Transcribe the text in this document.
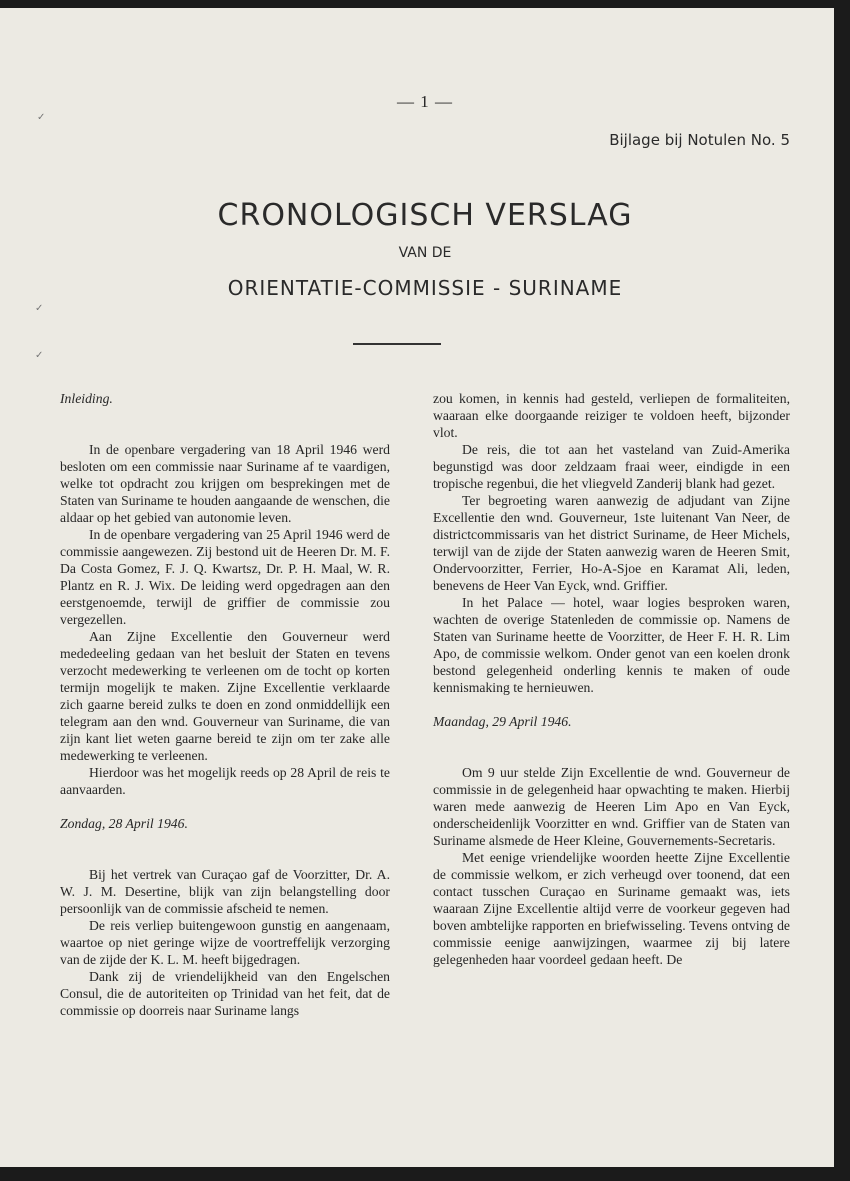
✓
✓
✓
— 1 —
Bijlage bij Notulen No. 5
CRONOLOGISCH VERSLAG
VAN DE
ORIENTATIE-COMMISSIE - SURINAME

Inleiding.

In de openbare vergadering van 18 April 1946 werd besloten om een commissie naar Suriname af te vaardigen, welke tot opdracht zou krijgen om besprekingen met de Staten van Suriname te houden aangaande de wenschen, die aldaar op het gebied van autonomie leven.

In de openbare vergadering van 25 April 1946 werd de commissie aangewezen. Zij bestond uit de Heeren Dr. M. F. Da Costa Gomez, F. J. Q. Kwartsz, Dr. P. H. Maal, W. R. Plantz en R. J. Wix. De leiding werd opgedragen aan den eerstgenoemde, terwijl de griffier de commissie zou vergezellen.

Aan Zijne Excellentie den Gouverneur werd mededeeling gedaan van het besluit der Staten en tevens verzocht medewerking te verleenen om de tocht op korten termijn mogelijk te maken. Zijne Excellentie verklaarde zich gaarne bereid zulks te doen en zond onmiddellijk een telegram aan den wnd. Gouverneur van Suriname, die van zijn kant liet weten gaarne bereid te zijn om ter zake alle medewerking te verleenen.

Hierdoor was het mogelijk reeds op 28 April de reis te aanvaarden.

Zondag, 28 April 1946.

Bij het vertrek van Curaçao gaf de Voorzitter, Dr. A. W. J. M. Desertine, blijk van zijn belangstelling door persoonlijk van de commissie afscheid te nemen.

De reis verliep buitengewoon gunstig en aangenaam, waartoe op niet geringe wijze de voortreffelijk verzorging van de zijde der K. L. M. heeft bijgedragen.

Dank zij de vriendelijkheid van den Engelschen Consul, die de autoriteiten op Trinidad van het feit, dat de commissie op doorreis naar Suriname langs

zou komen, in kennis had gesteld, verliepen de formaliteiten, waaraan elke doorgaande reiziger te voldoen heeft, bijzonder vlot.

De reis, die tot aan het vasteland van Zuid-Amerika begunstigd was door zeldzaam fraai weer, eindigde in een tropische regenbui, die het vliegveld Zanderij blank had gezet.

Ter begroeting waren aanwezig de adjudant van Zijne Excellentie den wnd. Gouverneur, 1ste luitenant Van Neer, de districtcommissaris van het district Suriname, de Heer Michels, terwijl van de zijde der Staten aanwezig waren de Heeren Smit, Ondervoorzitter, Ferrier, Ho-A-Sjoe en Karamat Ali, leden, benevens de Heer Van Eyck, wnd. Griffier.

In het Palace — hotel, waar logies besproken waren, wachten de overige Statenleden de commissie op. Namens de Staten van Suriname heette de Voorzitter, de Heer F. H. R. Lim Apo, de commissie welkom. Onder genot van een koelen dronk bestond gelegenheid onderling kennis te maken of oude kennismaking te hernieuwen.

Maandag, 29 April 1946.

Om 9 uur stelde Zijn Excellentie de wnd. Gouverneur de commissie in de gelegenheid haar opwachting te maken. Hierbij waren mede aanwezig de Heeren Lim Apo en Van Eyck, onderscheidenlijk Voorzitter en wnd. Griffier van de Staten van Suriname alsmede de Heer Kleine, Gouvernements-Secretaris.

Met eenige vriendelijke woorden heette Zijne Excellentie de commissie welkom, er zich verheugd over toonend, dat een contact tusschen Curaçao en Suriname gemaakt was, iets waaraan Zijne Excellentie altijd verre de voorkeur gegeven had boven ambtelijke rapporten en briefwisseling. Tevens ontving de commissie eenige aanwijzingen, waarmee zij bij latere gelegenheden haar voordeel gedaan heeft. De
